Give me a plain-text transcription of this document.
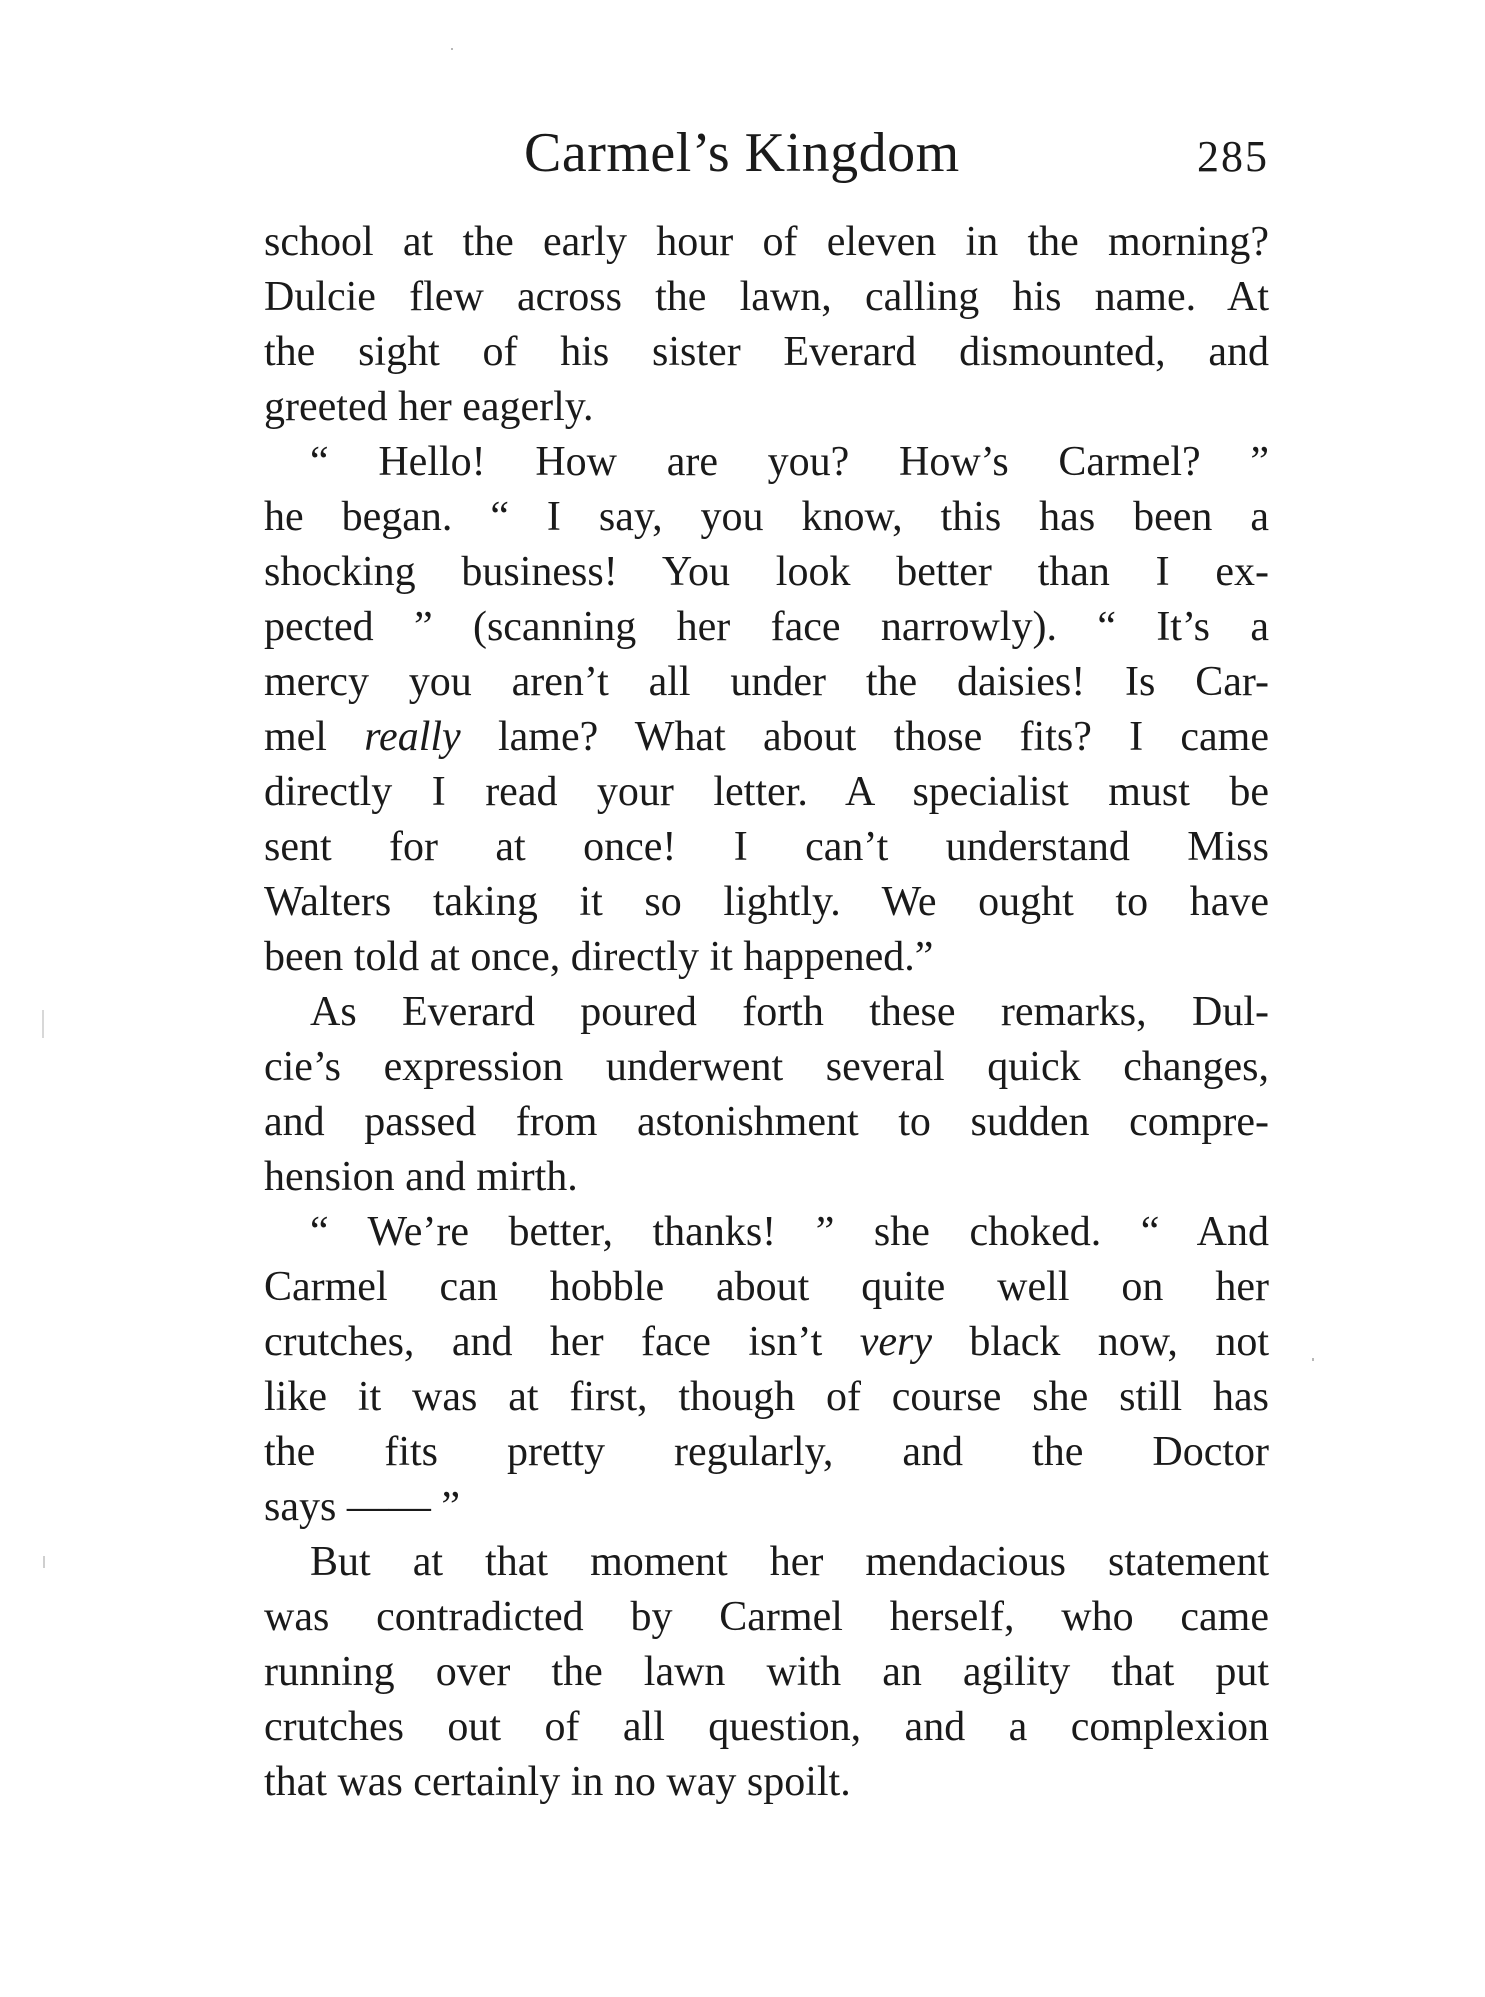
Carmel’s Kingdom	285
school at the early hour of eleven in the morning?
Dulcie flew across the lawn, calling his name. At
the sight of his sister Everard dismounted, and
greeted her eagerly.
“ Hello! How are you? How’s Carmel? ”
he began. “ I say, you know, this has been a
shocking business! You look better than I ex-
pected ” (scanning her face narrowly). “ It’s a
mercy you aren’t all under the daisies! Is Car-
mel really lame? What about those fits? I came
directly I read your letter. A specialist must be
sent for at once! I can’t understand Miss
Walters taking it so lightly. We ought to have
been told at once, directly it happened.”
As Everard poured forth these remarks, Dul-
cie’s expression underwent several quick changes,
and passed from astonishment to sudden compre-
hension and mirth.
“ We’re better, thanks! ” she choked. “ And
Carmel can hobble about quite well on her
crutches, and her face isn’t very black now, not
like it was at first, though of course she still has
the fits pretty regularly, and the Doctor
says —— ”
But at that moment her mendacious statement
was contradicted by Carmel herself, who came
running over the lawn with an agility that put
crutches out of all question, and a complexion
that was certainly in no way spoilt.
